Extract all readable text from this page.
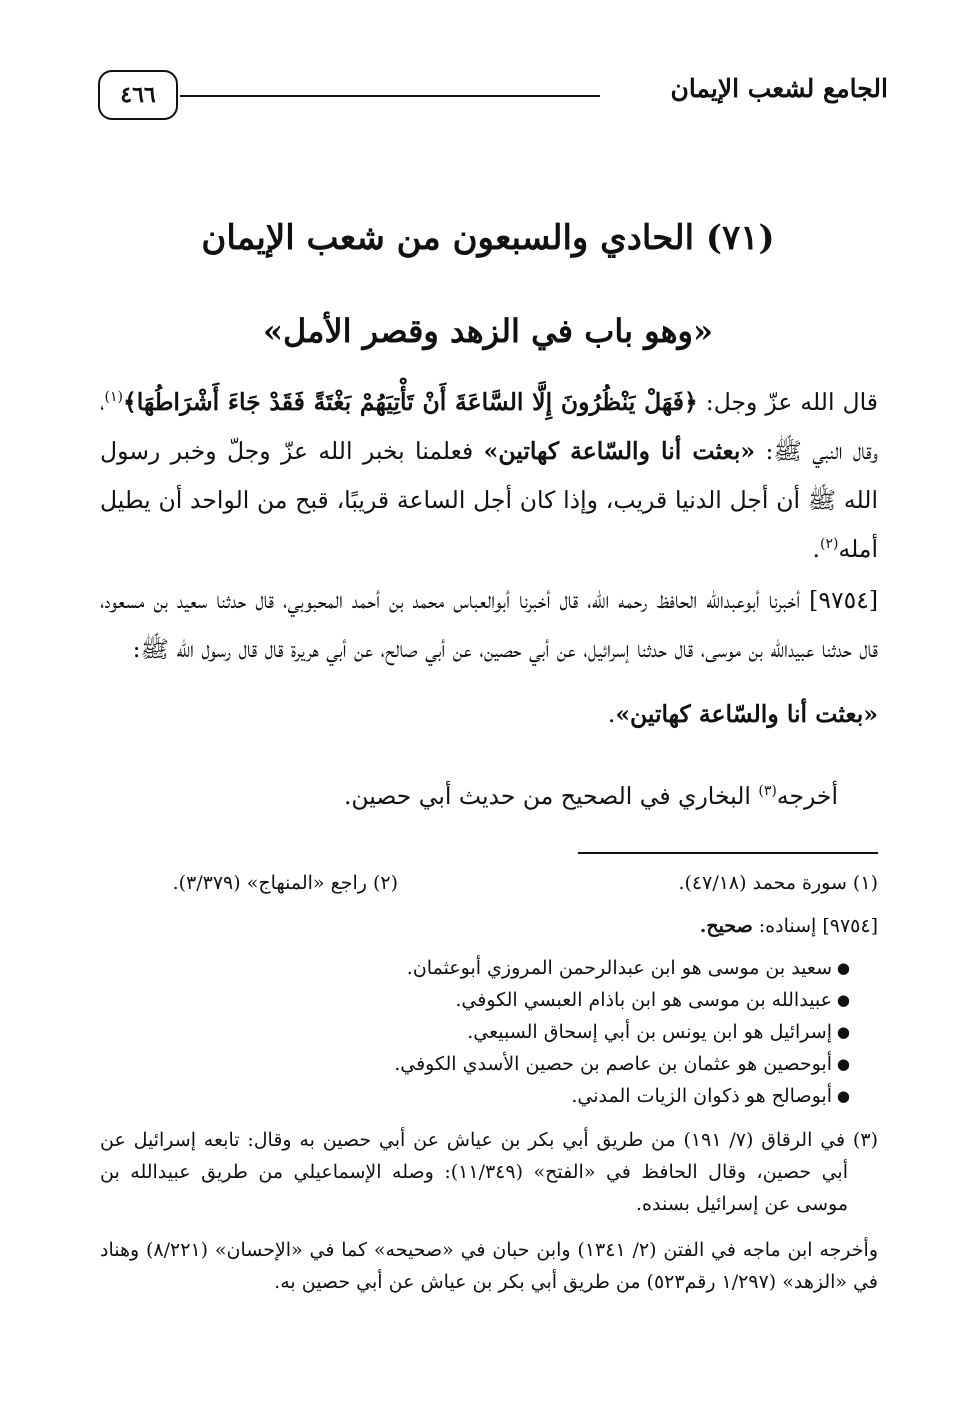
٤٦٦	الجامع لشعب الإيمان
(٧١) الحادي والسبعون من شعب الإيمان
«وهو باب في الزهد وقصر الأمل»
قال الله عزّ وجل: ﴿فَهَلْ يَنْظُرُونَ إِلَّا السَّاعَةَ أَنْ تَأْتِيَهُمْ بَغْتَةً فَقَدْ جَاءَ أَشْرَاطُهَا﴾$^{(١)}$، وقال النبي ﷺ: «بعثت أنا والسّاعة كهاتين» فعلمنا بخبر الله عزّ وجلّ وخبر رسول الله ﷺ أن أجل الدنيا قريب، وإذا كان أجل الساعة قريبًا، قبح من الواحد أن يطيل أمله$^{(٢)}$.
[٩٧٥٤] أخبرنا أبوعبدالله الحافظ رحمه الله، قال أخبرنا أبوالعباس محمد بن أحمد المحبوبي، قال حدثنا سعيد بن مسعود، قال حدثنا عبيدالله بن موسى، قال حدثنا إسرائيل، عن أبي حصين، عن أبي صالح، عن أبي هريرة قال قال رسول الله ﷺ:
«بعثت أنا والسّاعة كهاتين».
أخرجه$^{(٣)}$ البخاري في الصحيح من حديث أبي حصين.
(١) سورة محمد (٤٧/١٨).
(٢) راجع «المنهاج» (٣/٣٧٩).
[٩٧٥٤] إسناده: صحيح.
●
سعيد بن موسى هو ابن عبدالرحمن المروزي أبوعثمان.
●
عبيدالله بن موسى هو ابن باذام العبسي الكوفي.
●
إسرائيل هو ابن يونس بن أبي إسحاق السبيعي.
●
أبوحصين هو عثمان بن عاصم بن حصين الأسدي الكوفي.
●
أبوصالح هو ذكوان الزيات المدني.
(٣) في الرقاق (٧/ ١٩١) من طريق أبي بكر بن عياش عن أبي حصين به وقال: تابعه إسرائيل عن أبي حصين، وقال الحافظ في «الفتح» (١١/٣٤٩): وصله الإسماعيلي من طريق عبيدالله بن موسى عن إسرائيل بسنده.
وأخرجه ابن ماجه في الفتن (٢/ ١٣٤١) وابن حبان في «صحيحه» كما في «الإحسان» (٨/٢٢١) وهناد في «الزهد» (١/٢٩٧ رقم٥٢٣) من طريق أبي بكر بن عياش عن أبي حصين به.
